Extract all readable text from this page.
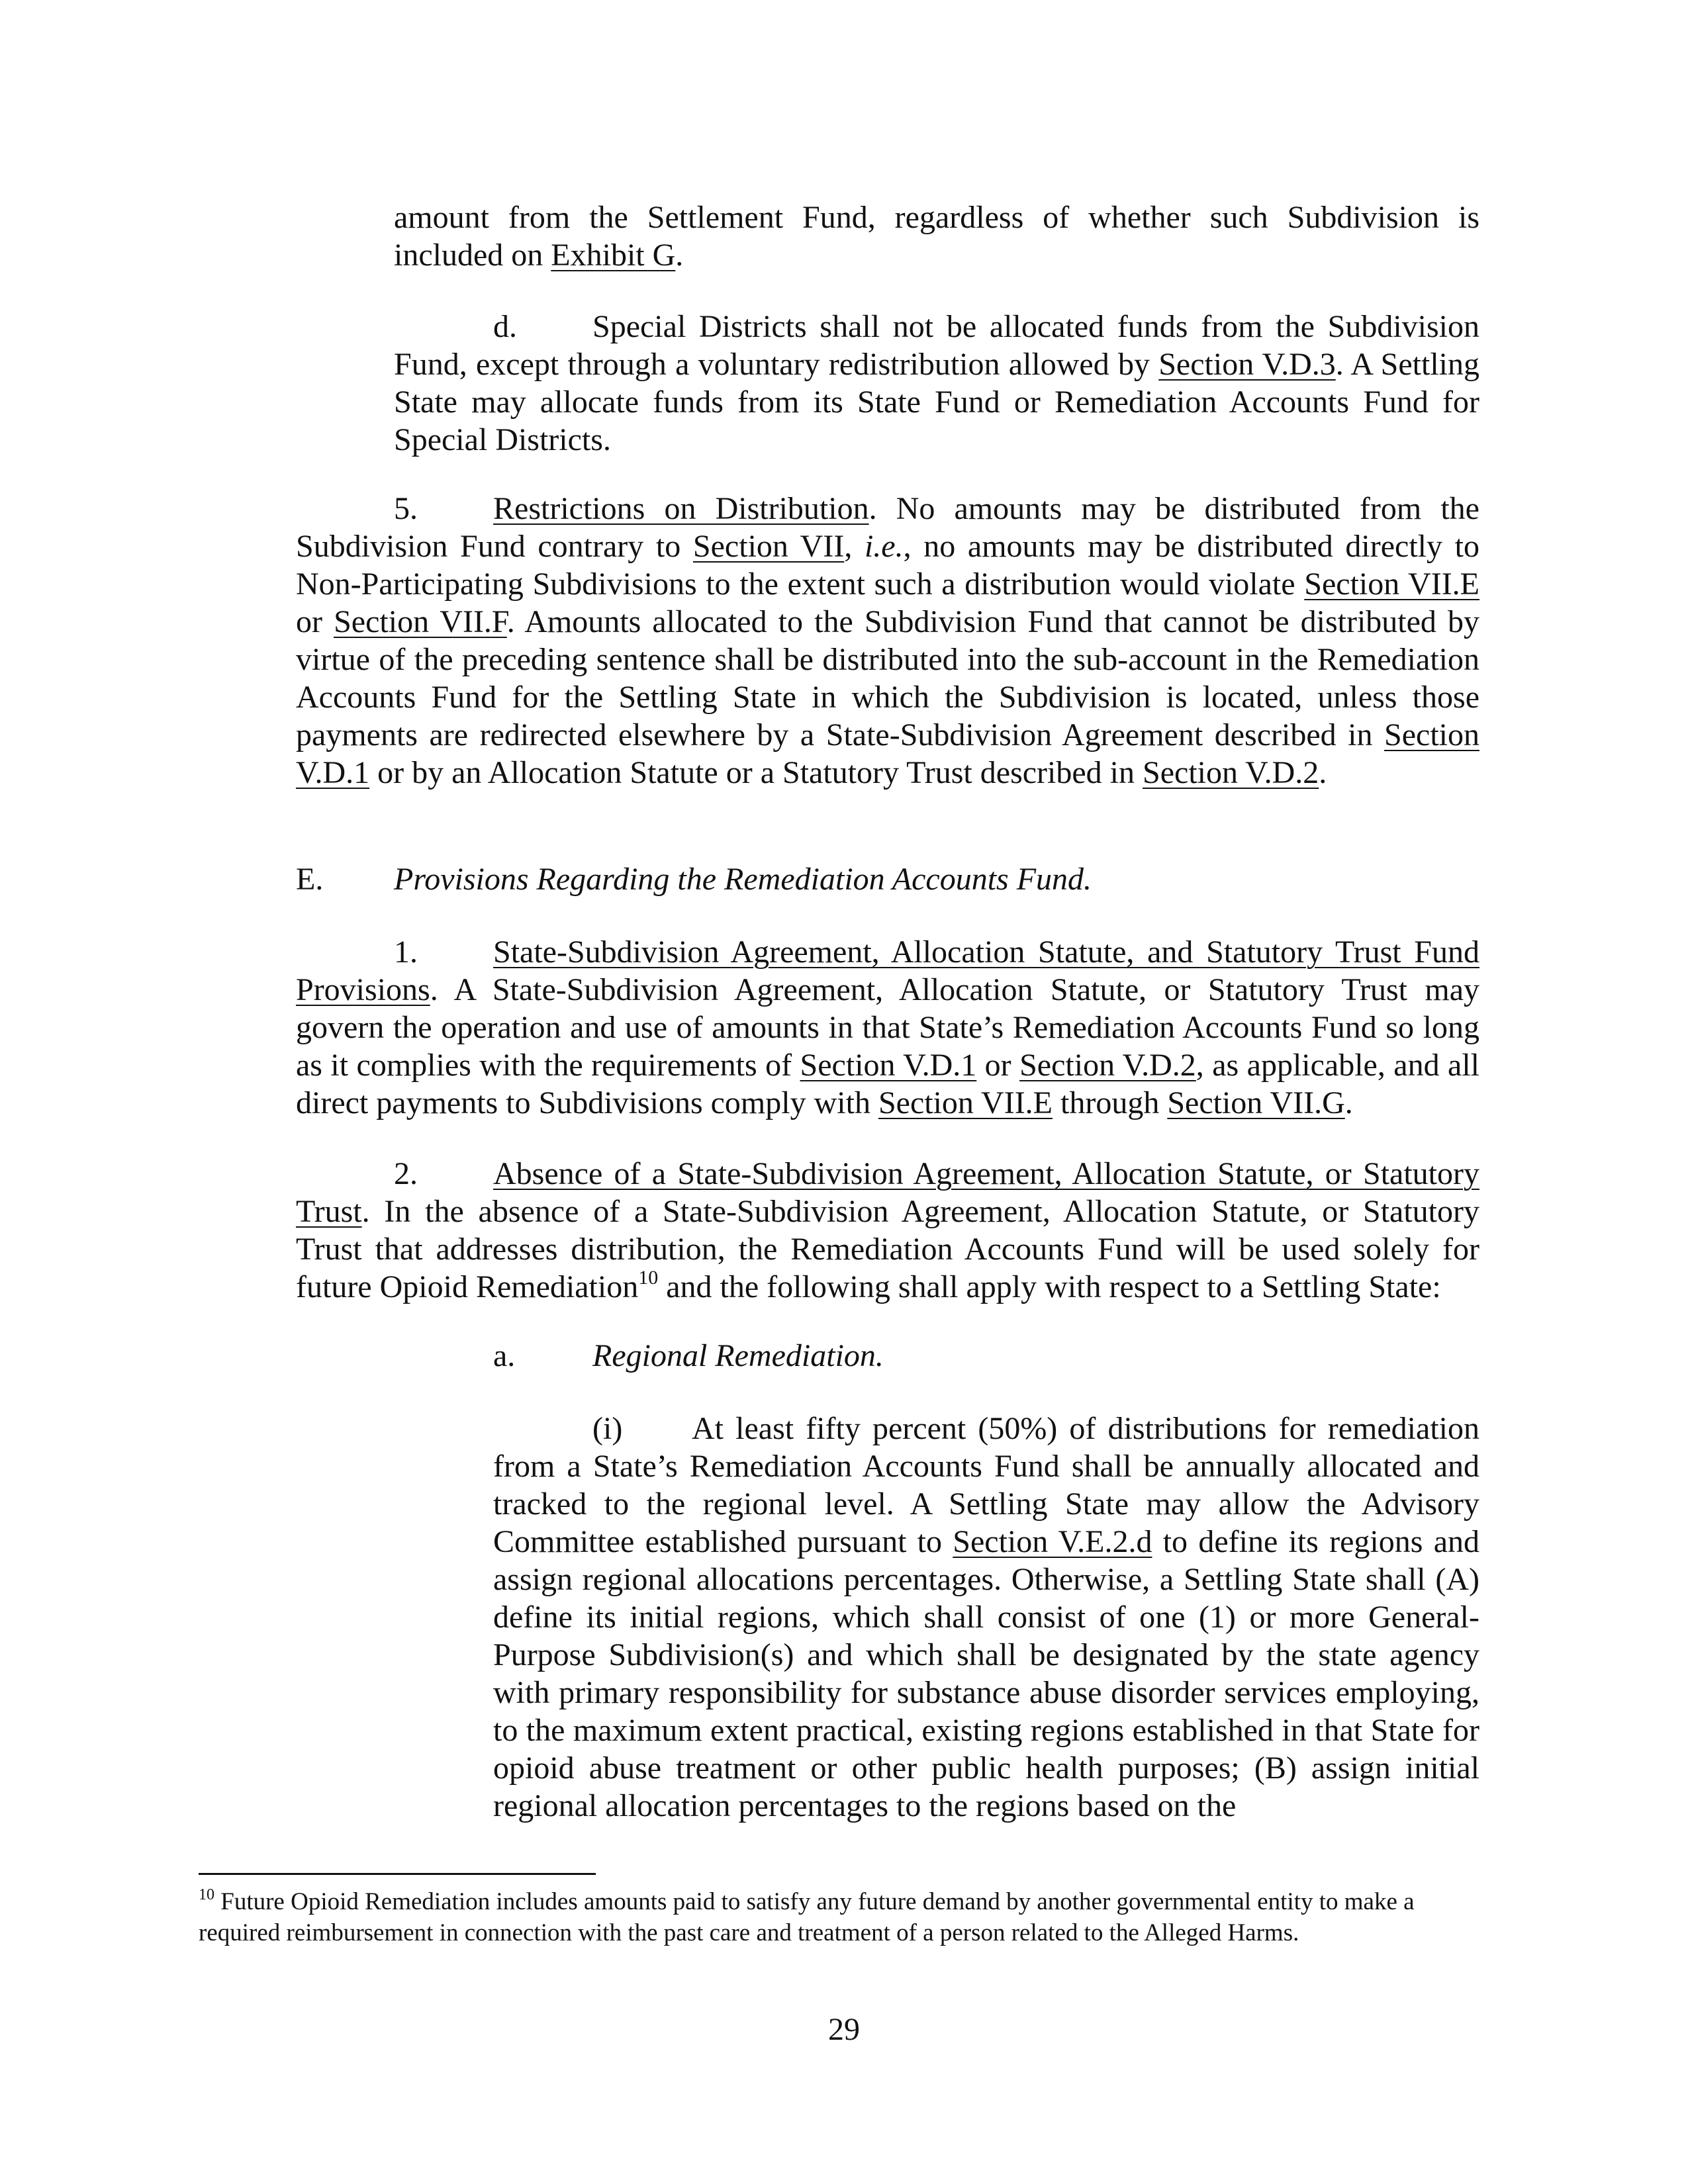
amount from the Settlement Fund, regardless of whether such Subdivision is included on Exhibit G.

d. Special Districts shall not be allocated funds from the Subdivision Fund, except through a voluntary redistribution allowed by Section V.D.3. A Settling State may allocate funds from its State Fund or Remediation Accounts Fund for Special Districts.

5. Restrictions on Distribution. No amounts may be distributed from the Subdivision Fund contrary to Section VII, i.e., no amounts may be distributed directly to Non-Participating Subdivisions to the extent such a distribution would violate Section VII.E or Section VII.F. Amounts allocated to the Subdivision Fund that cannot be distributed by virtue of the preceding sentence shall be distributed into the sub-account in the Remediation Accounts Fund for the Settling State in which the Subdivision is located, unless those payments are redirected elsewhere by a State-Subdivision Agreement described in Section V.D.1 or by an Allocation Statute or a Statutory Trust described in Section V.D.2.

E. Provisions Regarding the Remediation Accounts Fund.

1. State-Subdivision Agreement, Allocation Statute, and Statutory Trust Fund Provisions. A State-Subdivision Agreement, Allocation Statute, or Statutory Trust may govern the operation and use of amounts in that State’s Remediation Accounts Fund so long as it complies with the requirements of Section V.D.1 or Section V.D.2, as applicable, and all direct payments to Subdivisions comply with Section VII.E through Section VII.G.

2. Absence of a State-Subdivision Agreement, Allocation Statute, or Statutory Trust. In the absence of a State-Subdivision Agreement, Allocation Statute, or Statutory Trust that addresses distribution, the Remediation Accounts Fund will be used solely for future Opioid Remediation$^{10}$ and the following shall apply with respect to a Settling State:

a. Regional Remediation.

(i) At least fifty percent (50%) of distributions for remediation from a State’s Remediation Accounts Fund shall be annually allocated and tracked to the regional level. A Settling State may allow the Advisory Committee established pursuant to Section V.E.2.d to define its regions and assign regional allocations percentages. Otherwise, a Settling State shall (A) define its initial regions, which shall consist of one (1) or more General-Purpose Subdivision(s) and which shall be designated by the state agency with primary responsibility for substance abuse disorder services employing, to the maximum extent practical, existing regions established in that State for opioid abuse treatment or other public health purposes; (B) assign initial regional allocation percentages to the regions based on the

$^{10}$ Future Opioid Remediation includes amounts paid to satisfy any future demand by another governmental entity to make a required reimbursement in connection with the past care and treatment of a person related to the Alleged Harms.

29
